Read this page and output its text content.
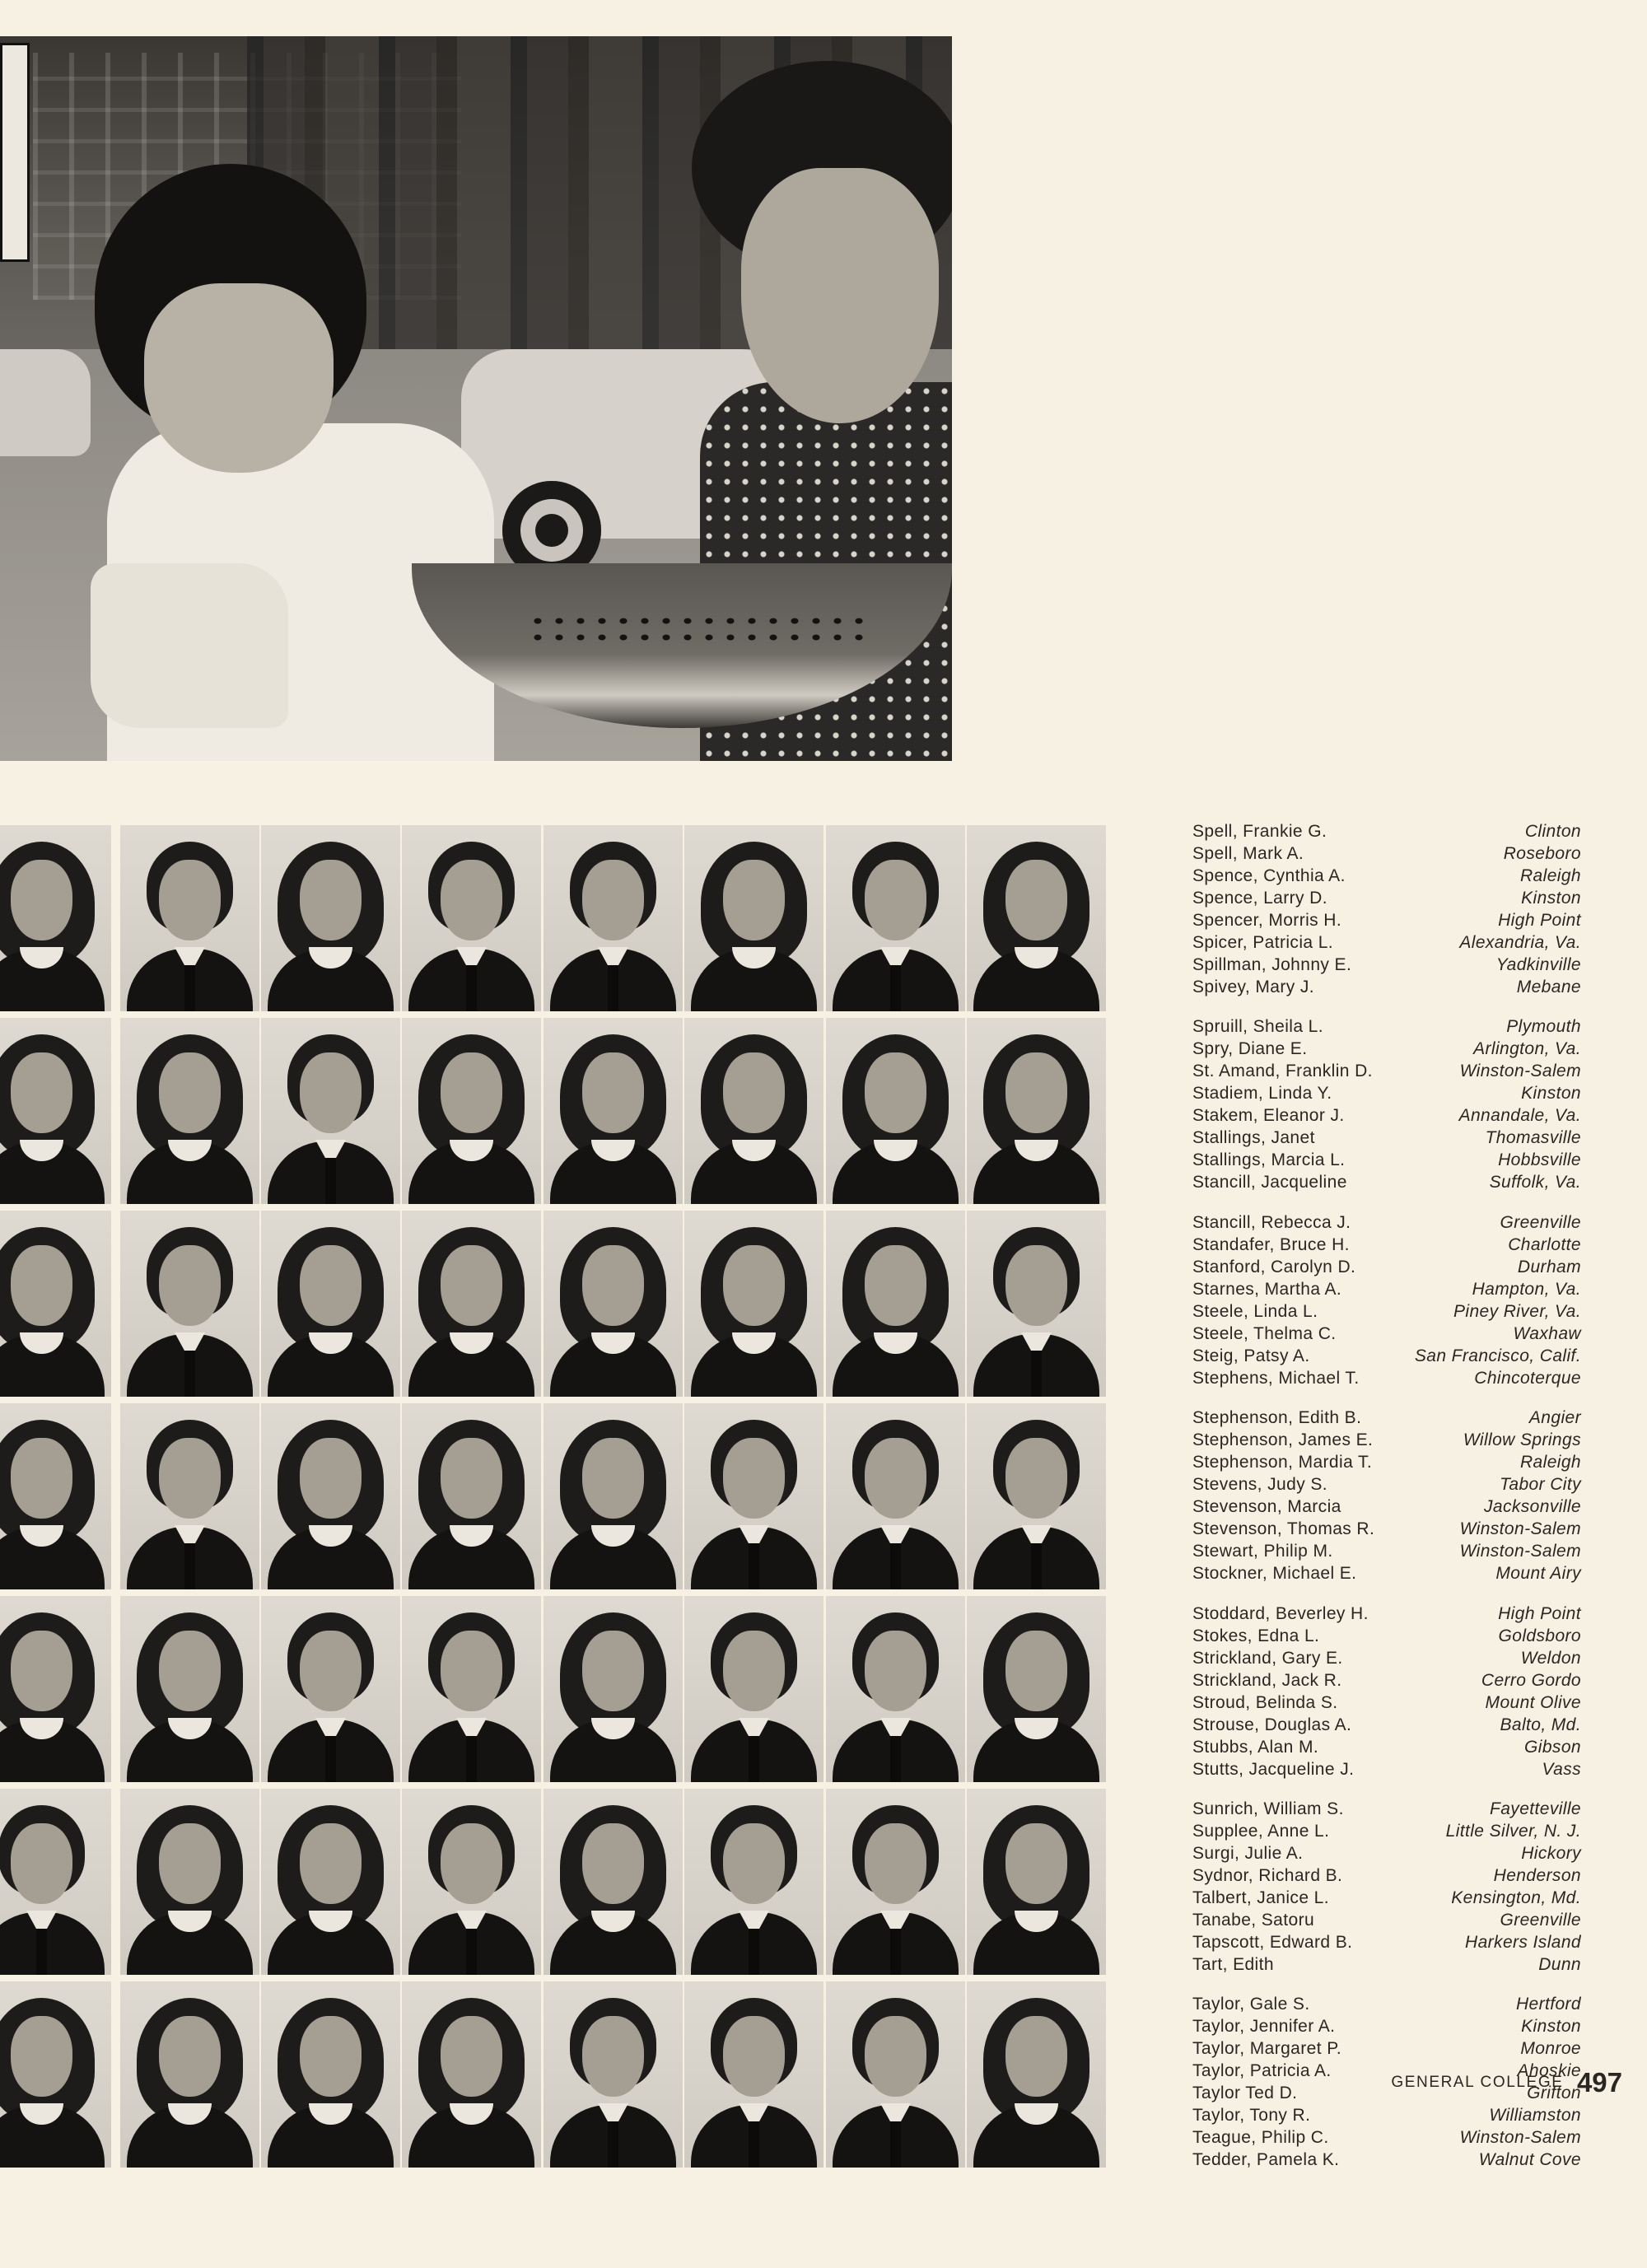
Spell, Frankie G.	Clinton
Spell, Mark A.	Roseboro
Spence, Cynthia A.	Raleigh
Spence, Larry D.	Kinston
Spencer, Morris H.	High Point
Spicer, Patricia L.	Alexandria, Va.
Spillman, Johnny E.	Yadkinville
Spivey, Mary J.	Mebane
Spruill, Sheila L.	Plymouth
Spry, Diane E.	Arlington, Va.
St. Amand, Franklin D.	Winston-Salem
Stadiem, Linda Y.	Kinston
Stakem, Eleanor J.	Annandale, Va.
Stallings, Janet	Thomasville
Stallings, Marcia L.	Hobbsville
Stancill, Jacqueline	Suffolk, Va.
Stancill, Rebecca J.	Greenville
Standafer, Bruce H.	Charlotte
Stanford, Carolyn D.	Durham
Starnes, Martha A.	Hampton, Va.
Steele, Linda L.	Piney River, Va.
Steele, Thelma C.	Waxhaw
Steig, Patsy A.	San Francisco, Calif.
Stephens, Michael T.	Chincoterque
Stephenson, Edith B.	Angier
Stephenson, James E.	Willow Springs
Stephenson, Mardia T.	Raleigh
Stevens, Judy S.	Tabor City
Stevenson, Marcia	Jacksonville
Stevenson, Thomas R.	Winston-Salem
Stewart, Philip M.	Winston-Salem
Stockner, Michael E.	Mount Airy
Stoddard, Beverley H.	High Point
Stokes, Edna L.	Goldsboro
Strickland, Gary E.	Weldon
Strickland, Jack R.	Cerro Gordo
Stroud, Belinda S.	Mount Olive
Strouse, Douglas A.	Balto, Md.
Stubbs, Alan M.	Gibson
Stutts, Jacqueline J.	Vass
Sunrich, William S.	Fayetteville
Supplee, Anne L.	Little Silver, N. J.
Surgi, Julie A.	Hickory
Sydnor, Richard B.	Henderson
Talbert, Janice L.	Kensington, Md.
Tanabe, Satoru	Greenville
Tapscott, Edward B.	Harkers Island
Tart, Edith	Dunn
Taylor, Gale S.	Hertford
Taylor, Jennifer A.	Kinston
Taylor, Margaret P.	Monroe
Taylor, Patricia A.	Ahoskie
Taylor Ted D.	Grifton
Taylor, Tony R.	Williamston
Teague, Philip C.	Winston-Salem
Tedder, Pamela K.	Walnut Cove
GENERAL COLLEGE 497
